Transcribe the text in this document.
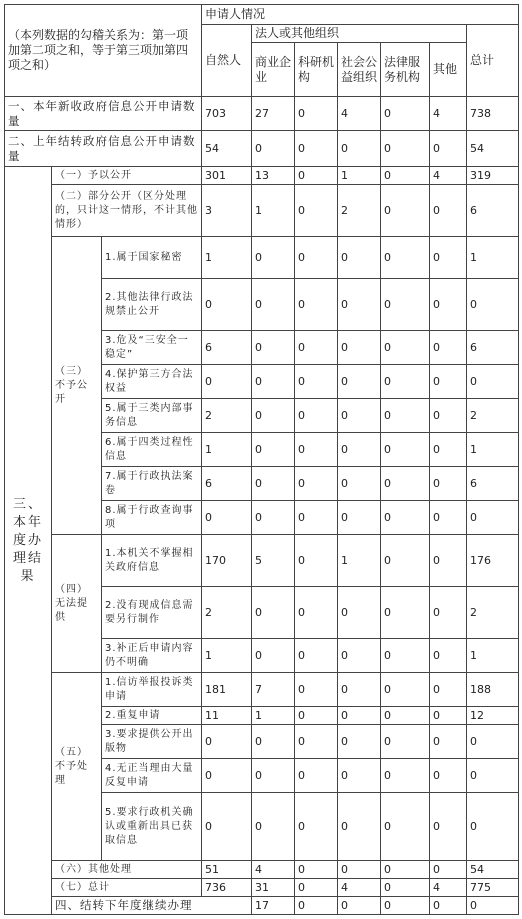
（本列数据的勾稽关系为：第一项加第二项之和，等于第三项加第四项之和）			申请人情况							
			自然人	法人或其他组织					总计	
				商业企业	科研机构	社会公益组织	法律服务机构	其他		
一、本年新收政府信息公开申请数量			703	27	0	4	0	4	738	
二、上年结转政府信息公开申请数量			54	0	0	0	0	0	54	
三、本年度办理结果	（一）予以公开		301	13	0	1	0	4	319	
	（二）部分公开（区分处理的，只计这一情形，不计其他情形）		3	1	0	2	0	0	6	
	（三）不予公开	1.属于国家秘密	1	0	0	0	0	0	1	
		2.其他法律行政法规禁止公开	0	0	0	0	0	0	0	
		3.危及“三安全一稳定”	6	0	0	0	0	0	6	
		4.保护第三方合法权益	0	0	0	0	0	0	0	
		5.属于三类内部事务信息	2	0	0	0	0	0	2	
		6.属于四类过程性信息	1	0	0	0	0	0	1	
		7.属于行政执法案卷	6	0	0	0	0	0	6	
		8.属于行政查询事项	0	0	0	0	0	0	0	
	（四）无法提供	1.本机关不掌握相关政府信息	170	5	0	1	0	0	176	
		2.没有现成信息需要另行制作	2	0	0	0	0	0	2	
		3.补正后申请内容仍不明确	1	0	0	0	0	0	1	
	（五）不予处理	1.信访举报投诉类申请	181	7	0	0	0	0	188	
		2.重复申请	11	1	0	0	0	0	12	
		3.要求提供公开出版物	0	0	0	0	0	0	0	
		4.无正当理由大量反复申请	0	0	0	0	0	0	0	
		5.要求行政机关确认或重新出具已获取信息	0	0	0	0	0	0	0	
	（六）其他处理		51	4	0	0	0	0	54	
	（七）总计		736	31	0	4	0	4	775	
	四、结转下年度继续办理			17	0	0	0	0	0	
